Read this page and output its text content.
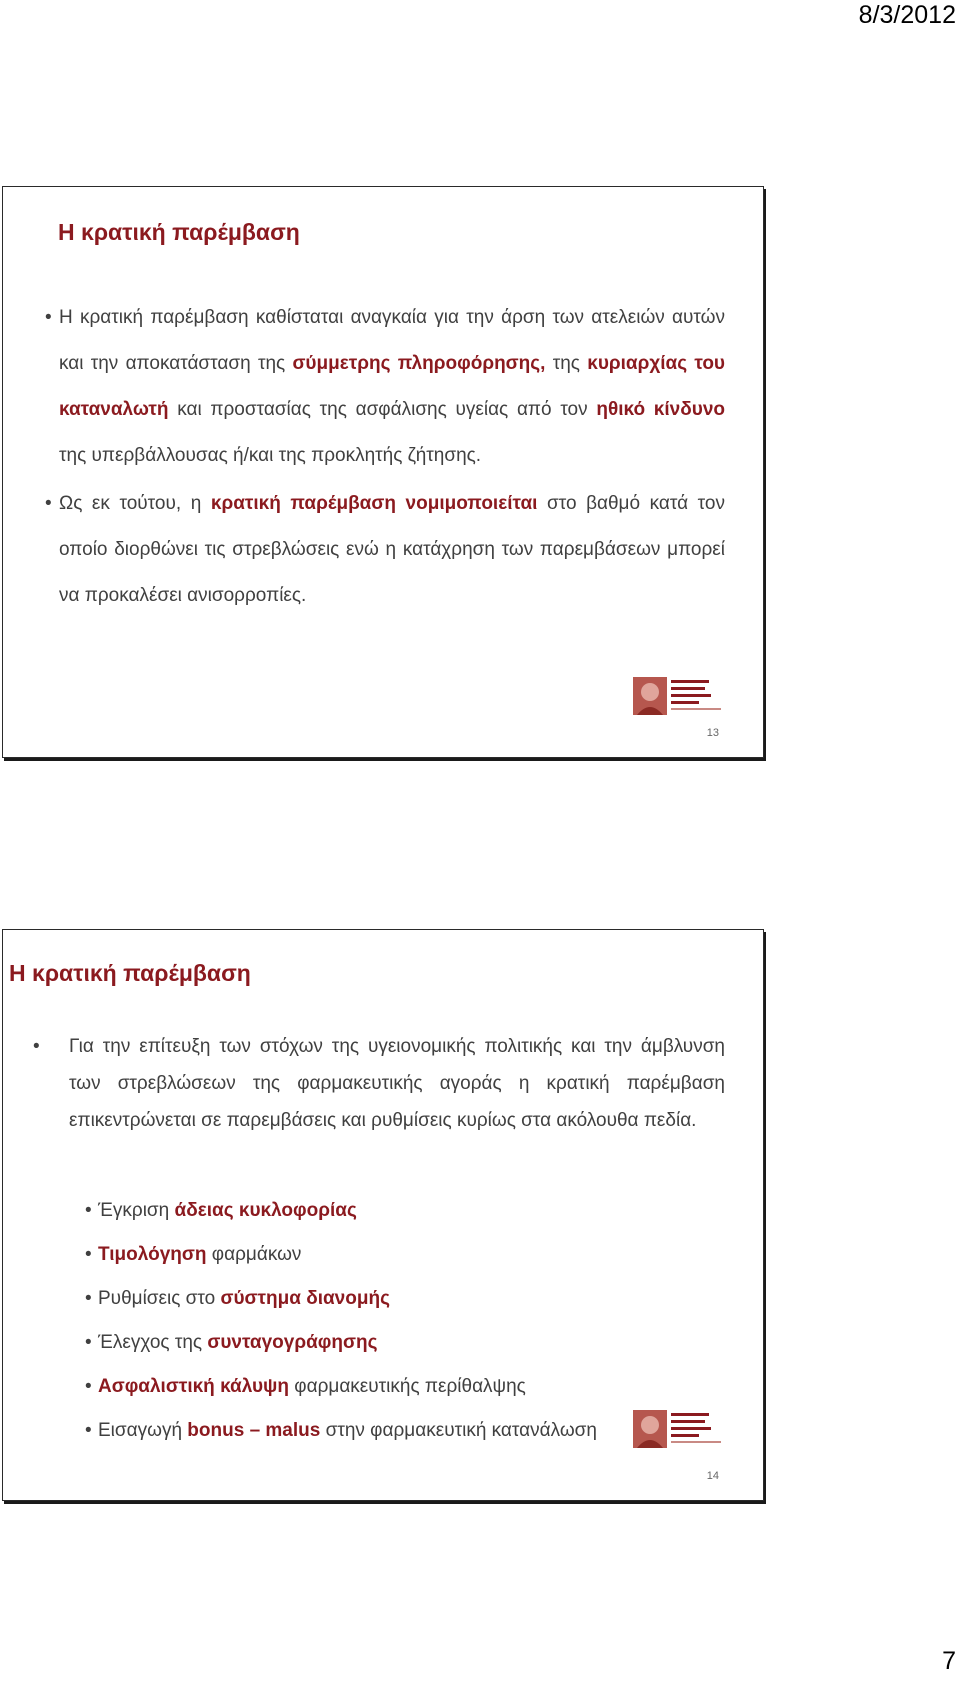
8/3/2012
Η κρατική παρέμβαση
• Η κρατική παρέμβαση καθίσταται αναγκαία για την άρση των ατελειών αυτών και την αποκατάσταση της σύμμετρης πληροφόρησης, της κυριαρχίας του καταναλωτή και προστασίας της ασφάλισης υγείας από τον ηθικό κίνδυνο της υπερβάλλουσας ή/και της προκλητής ζήτησης.
• Ως εκ τούτου, η κρατική παρέμβαση νομιμοποιείται στο βαθμό κατά τον οποίο διορθώνει τις στρεβλώσεις ενώ η κατάχρηση των παρεμβάσεων μπορεί να προκαλέσει ανισορροπίες.
13
Η κρατική παρέμβαση
• Για την επίτευξη των στόχων της υγειονομικής πολιτικής και την άμβλυνση των στρεβλώσεων της φαρμακευτικής αγοράς η κρατική παρέμβαση επικεντρώνεται σε παρεμβάσεις και ρυθμίσεις κυρίως στα ακόλουθα πεδία.
• Έγκριση άδειας κυκλοφορίας
• Τιμολόγηση φαρμάκων
• Ρυθμίσεις στο σύστημα διανομής
• Έλεγχος της συνταγογράφησης
• Ασφαλιστική κάλυψη φαρμακευτικής περίθαλψης
• Εισαγωγή bonus – malus στην φαρμακευτική κατανάλωση
14
7
